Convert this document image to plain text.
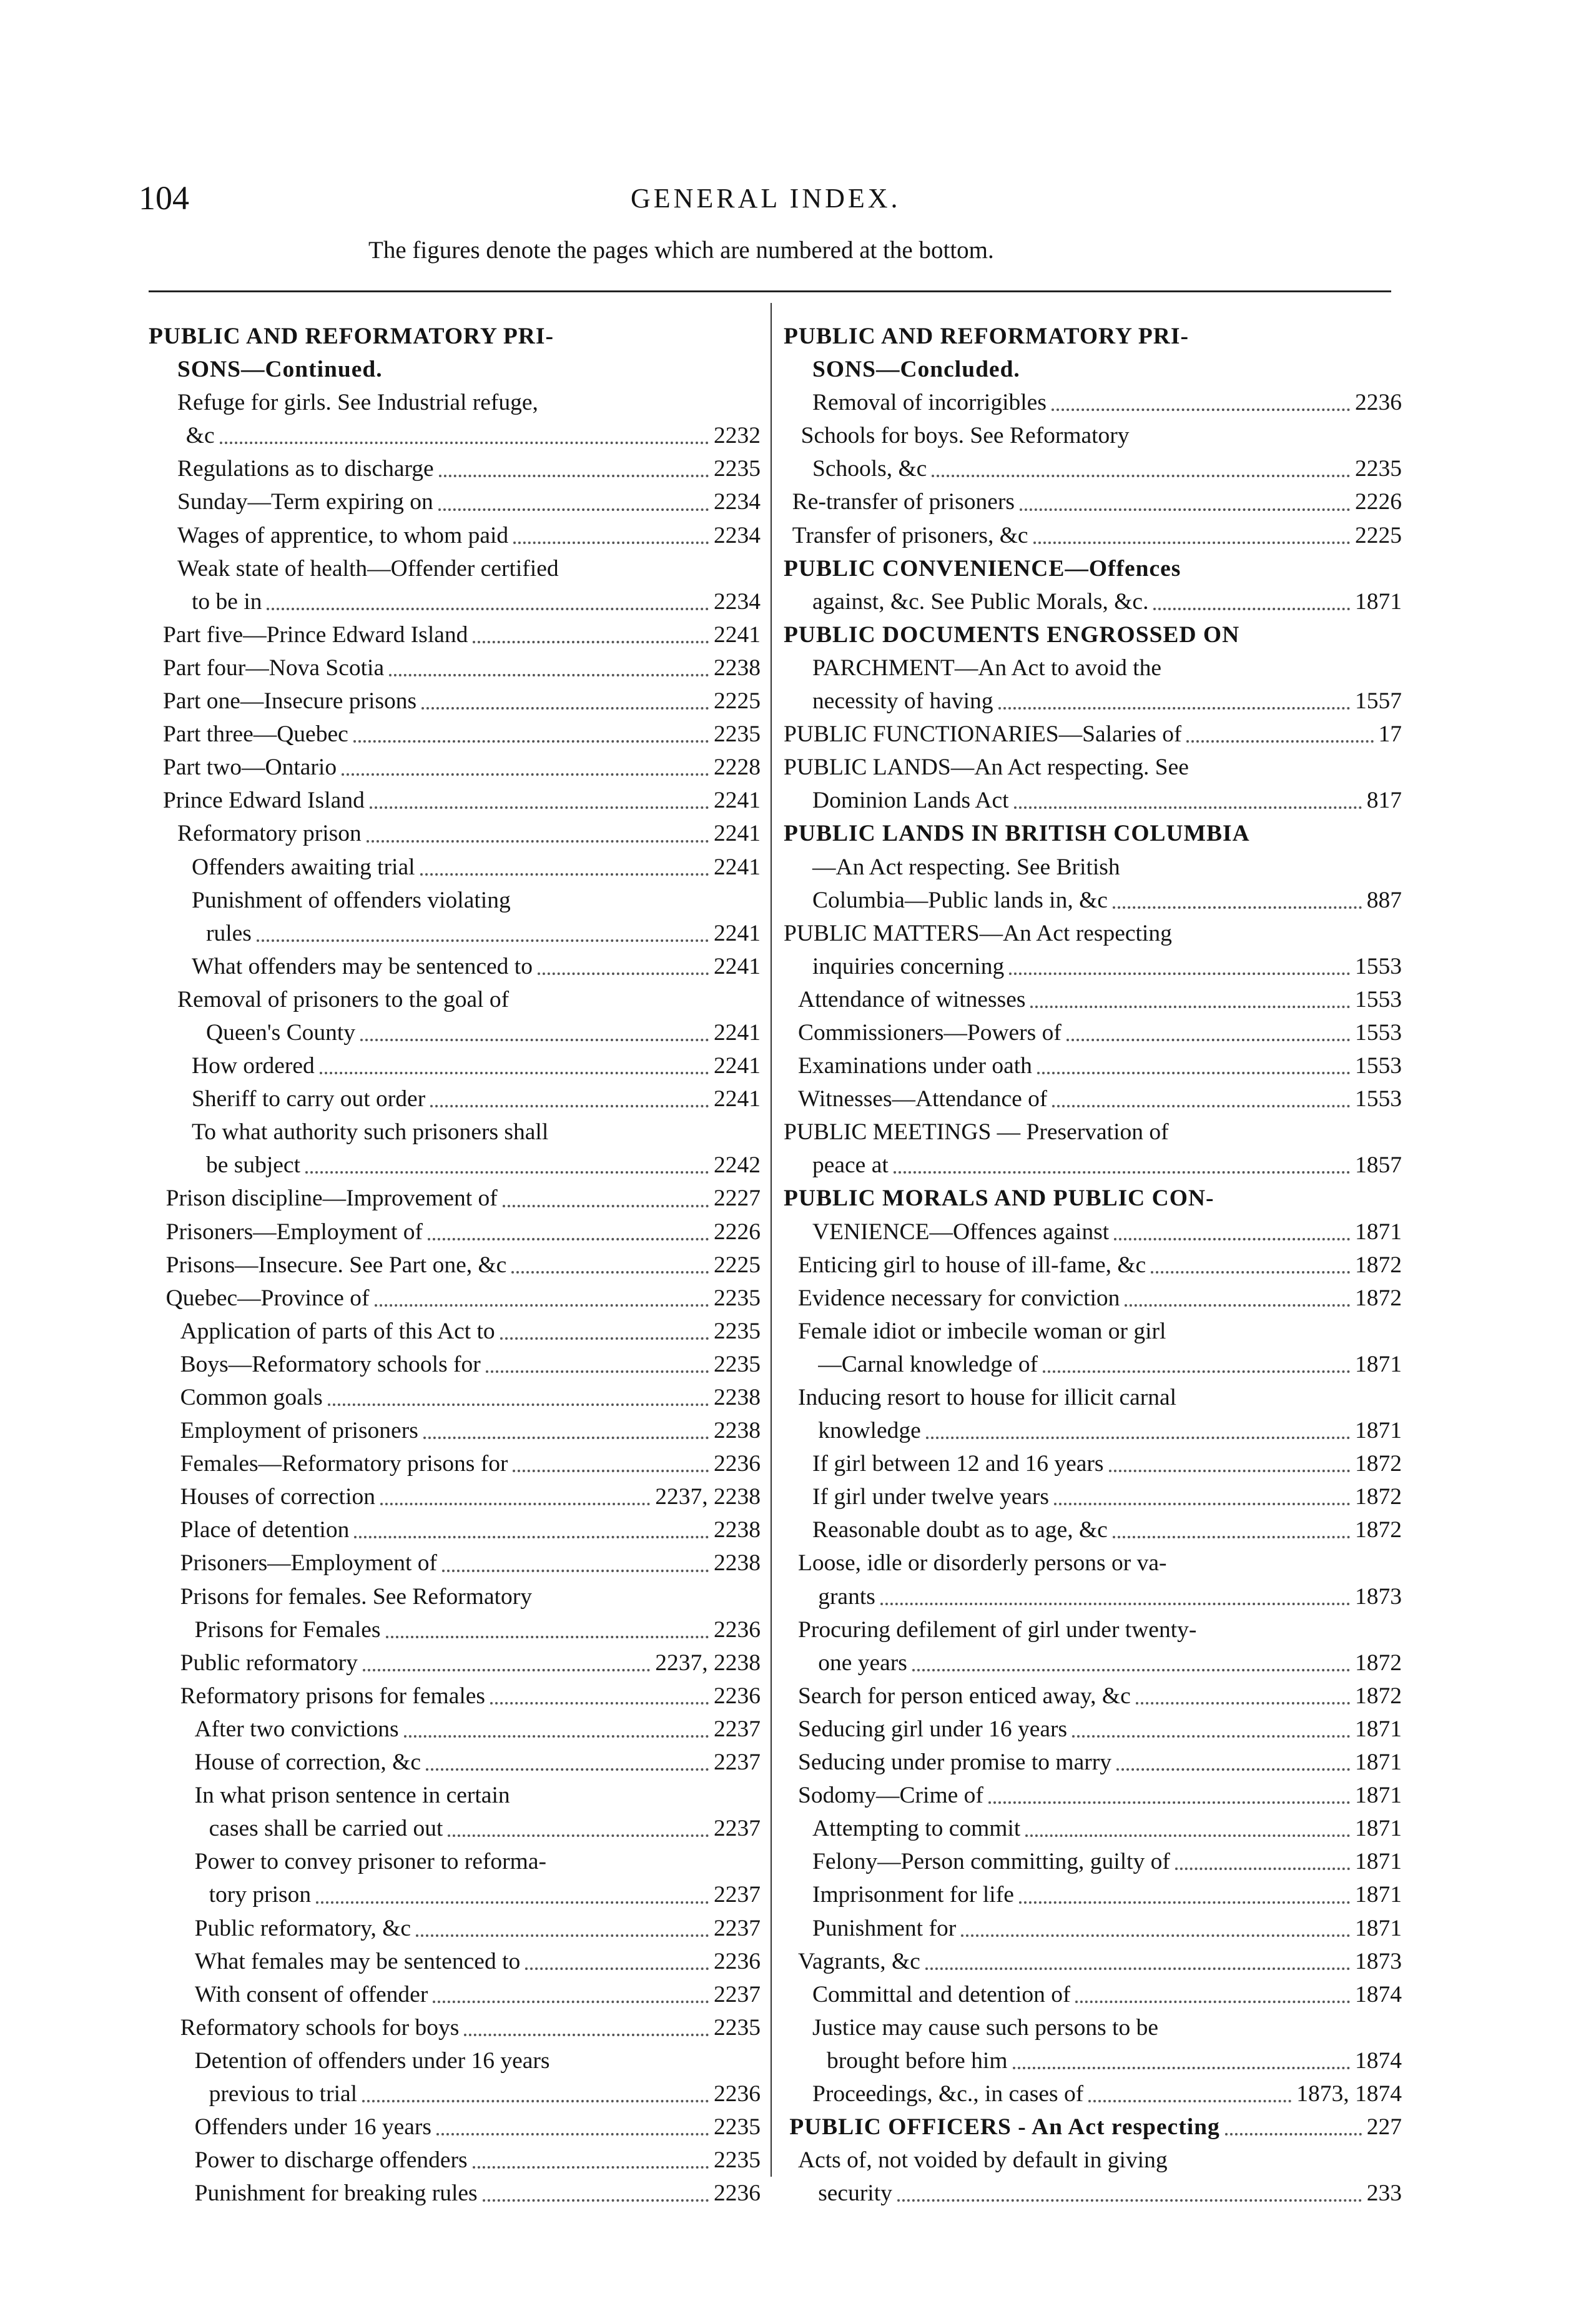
104	GENERAL INDEX.
The figures denote the pages which are numbered at the bottom.
PUBLIC AND REFORMATORY PRI-
SONS—Continued.
Refuge for girls. See Industrial refuge,
&c	2232
Regulations as to discharge	2235
Sunday—Term expiring on	2234
Wages of apprentice, to whom paid	2234
Weak state of health—Offender certified
to be in	2234
Part five—Prince Edward Island	2241
Part four—Nova Scotia	2238
Part one—Insecure prisons	2225
Part three—Quebec	2235
Part two—Ontario	2228
Prince Edward Island	2241
Reformatory prison	2241
Offenders awaiting trial	2241
Punishment of offenders violating
rules	2241
What offenders may be sentenced to	2241
Removal of prisoners to the goal of
Queen's County	2241
How ordered	2241
Sheriff to carry out order	2241
To what authority such prisoners shall
be subject	2242
Prison discipline—Improvement of	2227
Prisoners—Employment of	2226
Prisons—Insecure. See Part one, &c	2225
Quebec—Province of	2235
Application of parts of this Act to	2235
Boys—Reformatory schools for	2235
Common goals	2238
Employment of prisoners	2238
Females—Reformatory prisons for	2236
Houses of correction	2237, 2238
Place of detention	2238
Prisoners—Employment of	2238
Prisons for females. See Reformatory
Prisons for Females	2236
Public reformatory	2237, 2238
Reformatory prisons for females	2236
After two convictions	2237
House of correction, &c	2237
In what prison sentence in certain
cases shall be carried out	2237
Power to convey prisoner to reforma-
tory prison	2237
Public reformatory, &c	2237
What females may be sentenced to	2236
With consent of offender	2237
Reformatory schools for boys	2235
Detention of offenders under 16 years
previous to trial	2236
Offenders under 16 years	2235
Power to discharge offenders	2235
Punishment for breaking rules	2236
PUBLIC AND REFORMATORY PRI-
SONS—Concluded.
Removal of incorrigibles	2236
Schools for boys. See Reformatory
Schools, &c	2235
Re-transfer of prisoners	2226
Transfer of prisoners, &c	2225
PUBLIC CONVENIENCE—Offences
against, &c. See Public Morals, &c.	1871
PUBLIC DOCUMENTS ENGROSSED ON
PARCHMENT—An Act to avoid the
necessity of having	1557
PUBLIC FUNCTIONARIES—Salaries of	17
PUBLIC LANDS—An Act respecting. See
Dominion Lands Act	817
PUBLIC LANDS IN BRITISH COLUMBIA
—An Act respecting. See British
Columbia—Public lands in, &c	887
PUBLIC MATTERS—An Act respecting
inquiries concerning	1553
Attendance of witnesses	1553
Commissioners—Powers of	1553
Examinations under oath	1553
Witnesses—Attendance of	1553
PUBLIC MEETINGS — Preservation of
peace at	1857
PUBLIC MORALS AND PUBLIC CON-
VENIENCE—Offences against	1871
Enticing girl to house of ill-fame, &c	1872
Evidence necessary for conviction	1872
Female idiot or imbecile woman or girl
—Carnal knowledge of	1871
Inducing resort to house for illicit carnal
knowledge	1871
If girl between 12 and 16 years	1872
If girl under twelve years	1872
Reasonable doubt as to age, &c	1872
Loose, idle or disorderly persons or va-
grants	1873
Procuring defilement of girl under twenty-
one years	1872
Search for person enticed away, &c	1872
Seducing girl under 16 years	1871
Seducing under promise to marry	1871
Sodomy—Crime of	1871
Attempting to commit	1871
Felony—Person committing, guilty of	1871
Imprisonment for life	1871
Punishment for	1871
Vagrants, &c	1873
Committal and detention of	1874
Justice may cause such persons to be
brought before him	1874
Proceedings, &c., in cases of	1873, 1874
PUBLIC OFFICERS - An Act respecting	227
Acts of, not voided by default in giving
security	233
